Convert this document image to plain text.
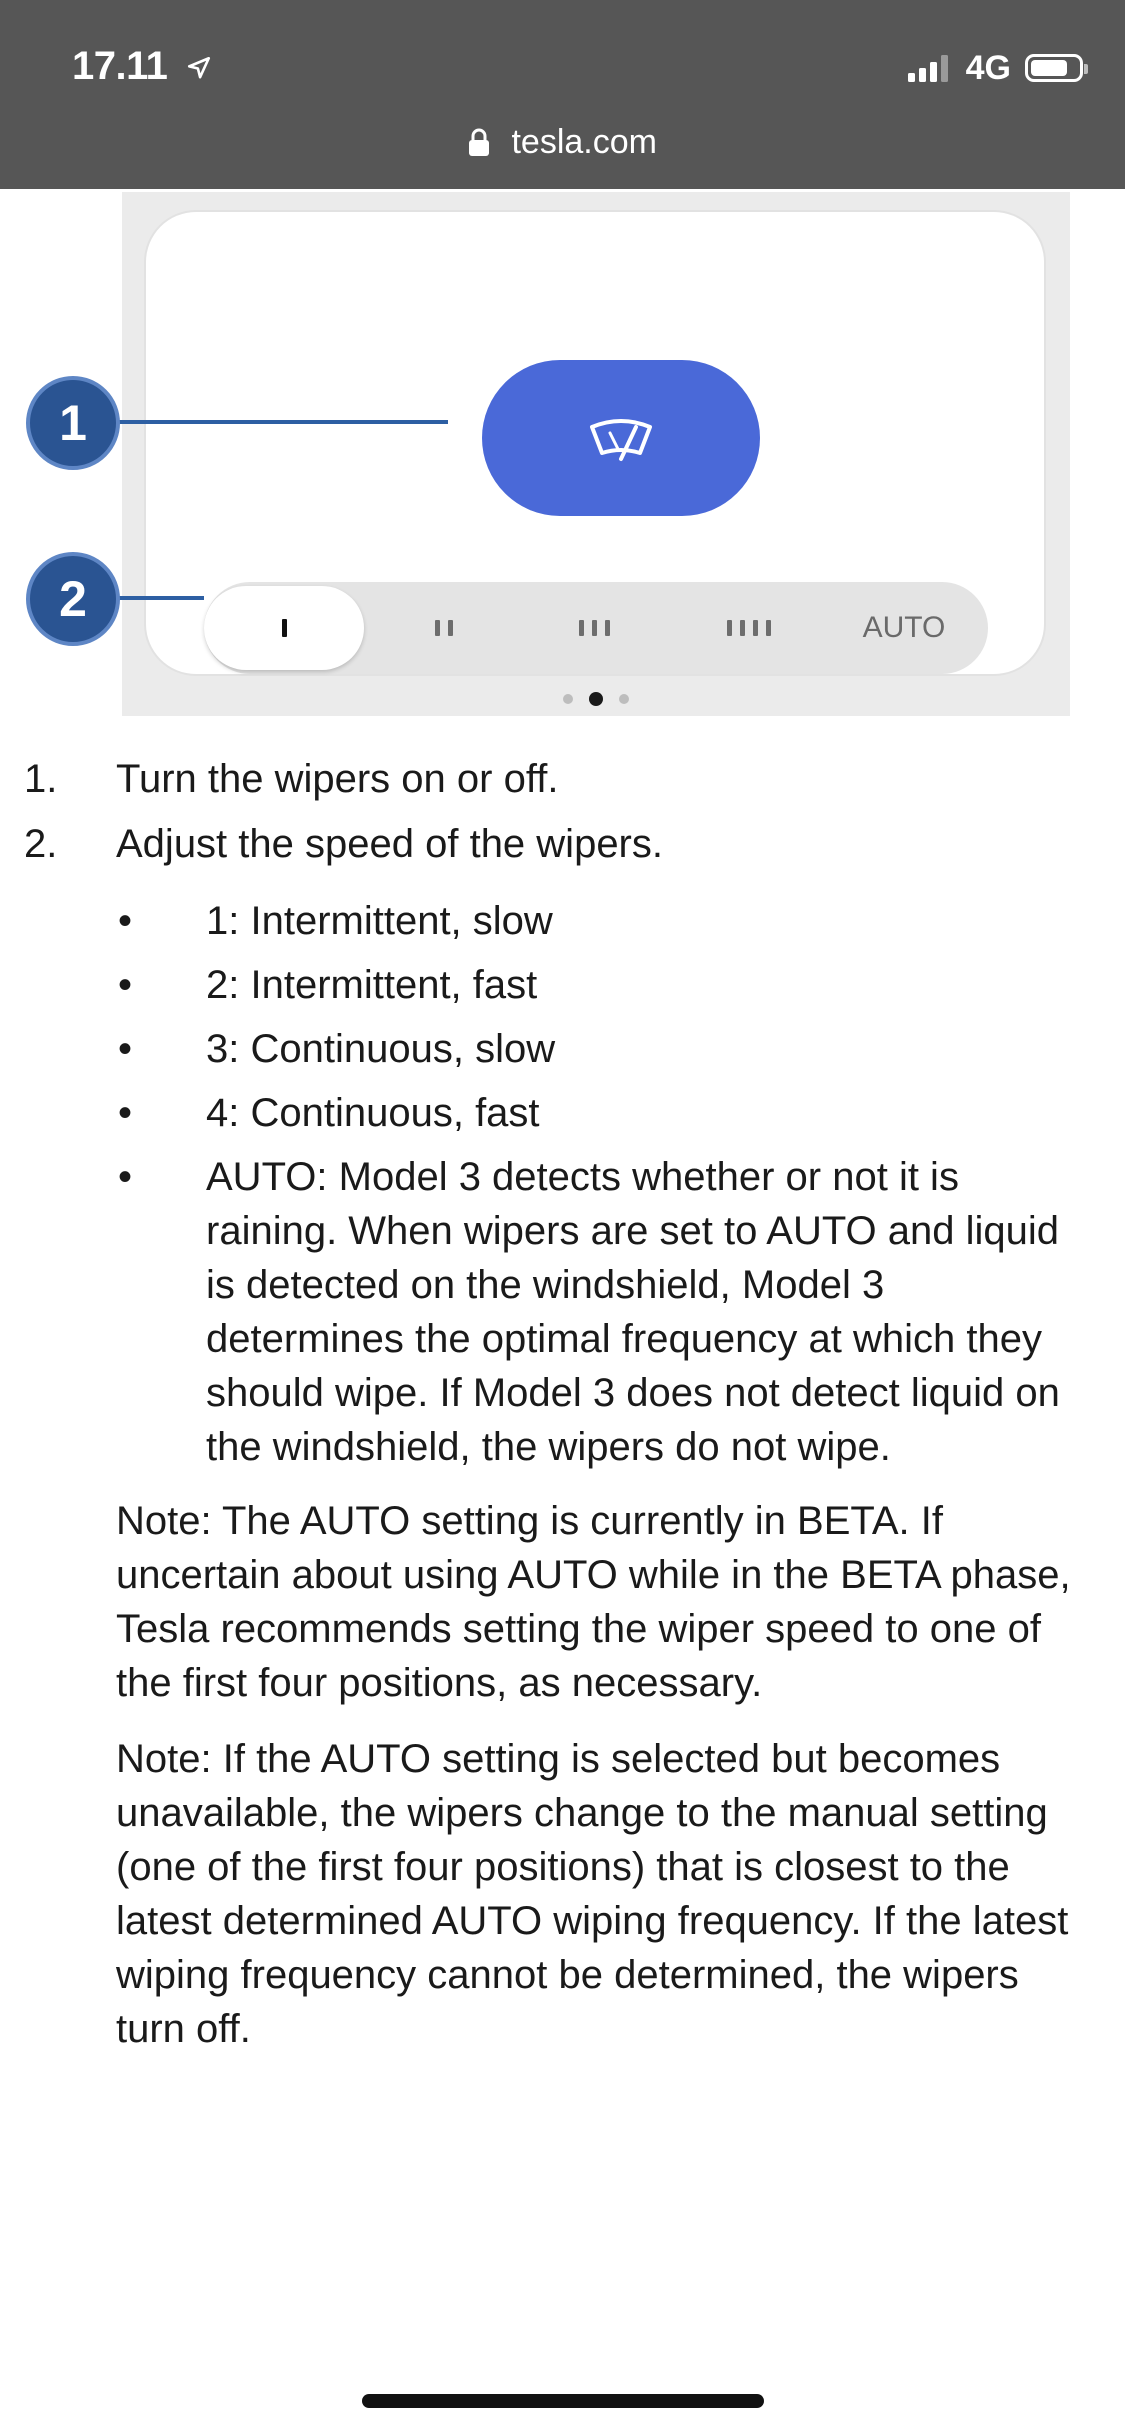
17.11	4G
tesla.com
AUTO
1
2
1. Turn the wipers on or off.
2. Adjust the speed of the wipers.
• 1: Intermittent, slow
• 2: Intermittent, fast
• 3: Continuous, slow
• 4: Continuous, fast
• AUTO: Model 3 detects whether or not it is raining. When wipers are set to AUTO and liquid is detected on the windshield, Model 3 determines the optimal frequency at which they should wipe. If Model 3 does not detect liquid on the windshield, the wipers do not wipe.
Note: The AUTO setting is currently in BETA. If uncertain about using AUTO while in the BETA phase, Tesla recommends setting the wiper speed to one of the first four positions, as necessary.
Note: If the AUTO setting is selected but becomes unavailable, the wipers change to the manual setting (one of the first four positions) that is closest to the latest determined AUTO wiping frequency. If the latest wiping frequency cannot be determined, the wipers turn off.
